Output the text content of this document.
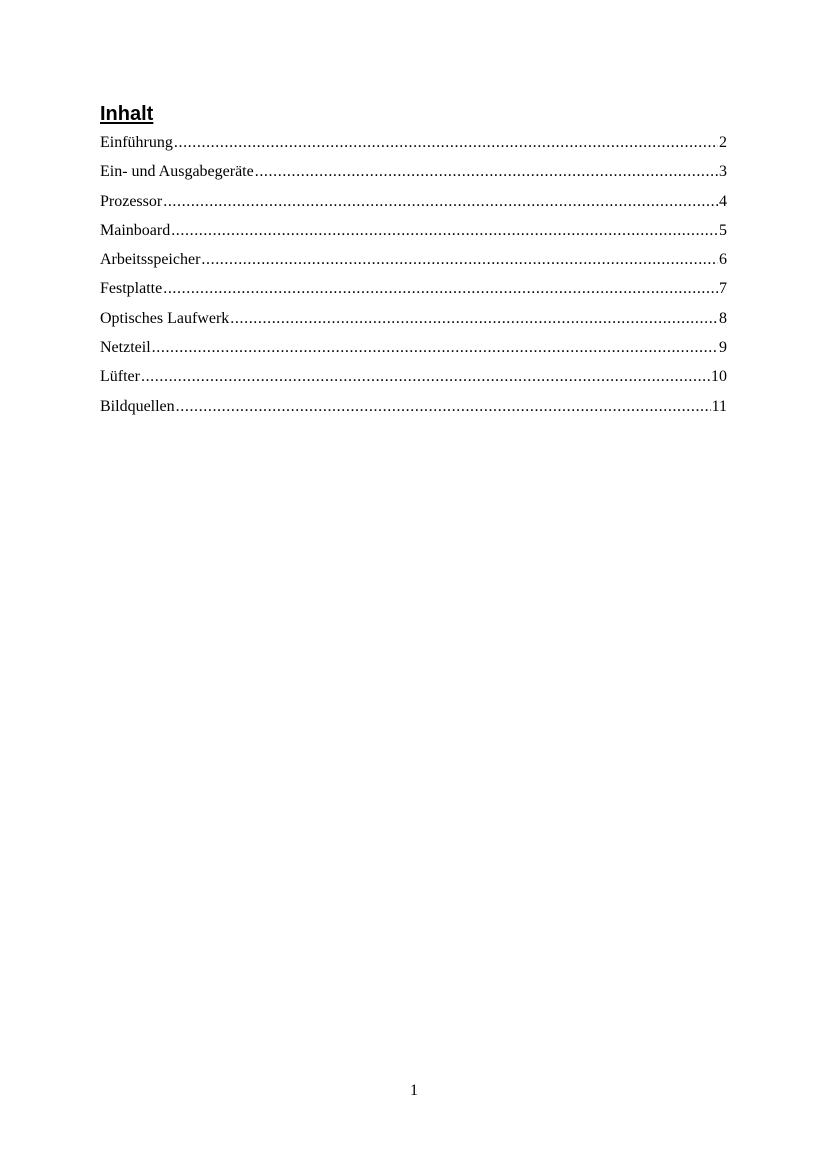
Inhalt
Einführung .....	2
Ein- und Ausgabegeräte .....	3
Prozessor .....	4
Mainboard .....	5
Arbeitsspeicher .....	6
Festplatte .....	7
Optisches Laufwerk .....	8
Netzteil .....	9
Lüfter .....	10
Bildquellen .....	11
1
